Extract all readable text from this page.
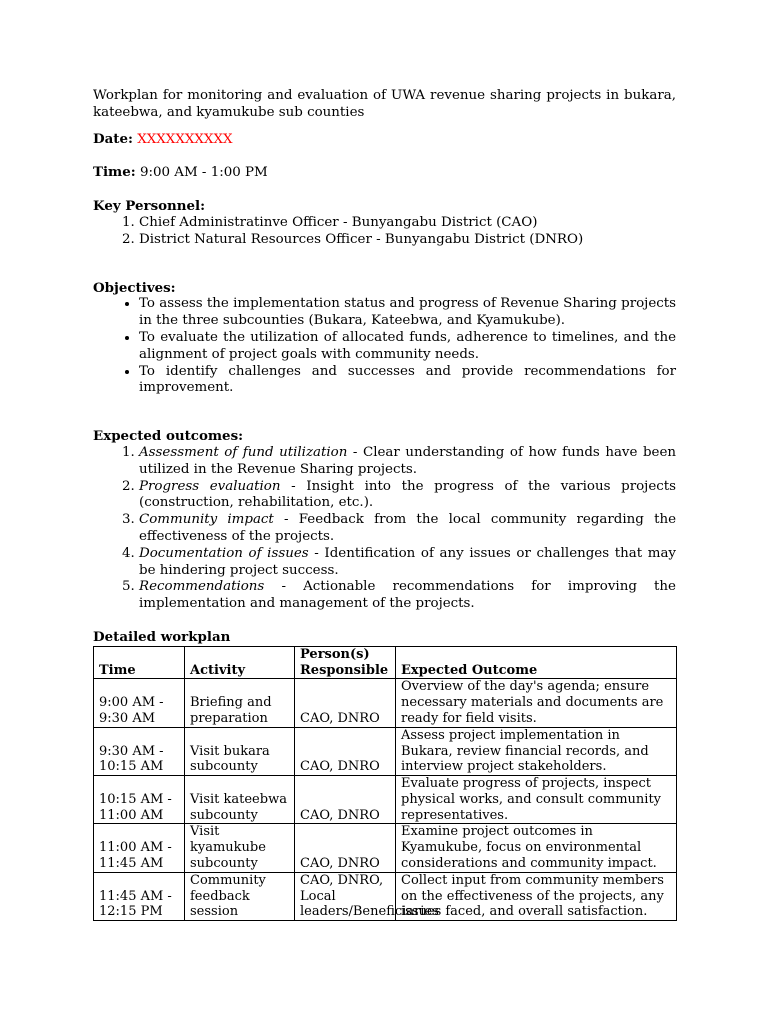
Workplan for monitoring and evaluation of UWA revenue sharing projects in bukara, kateebwa, and kyamukube sub counties

Date: XXXXXXXXXX

Time: 9:00 AM - 1:00 PM

Key Personnel:

1. Chief Administratinve Officer - Bunyangabu District (CAO)
2. District Natural Resources Officer - Bunyangabu District (DNRO)

Objectives:

• To assess the implementation status and progress of Revenue Sharing projects in the three subcounties (Bukara, Kateebwa, and Kyamukube).
• To evaluate the utilization of allocated funds, adherence to timelines, and the alignment of project goals with community needs.
• To identify challenges and successes and provide recommendations for improvement.

Expected outcomes:

1. Assessment of fund utilization - Clear understanding of how funds have been utilized in the Revenue Sharing projects.
2. Progress evaluation - Insight into the progress of the various projects (construction, rehabilitation, etc.).
3. Community impact - Feedback from the local community regarding the effectiveness of the projects.
4. Documentation of issues - Identification of any issues or challenges that may be hindering project success.
5. Recommendations - Actionable recommendations for improving the implementation and management of the projects.

Detailed workplan

Time	Activity	Person(s) Responsible	Expected Outcome
9:00 AM - 9:30 AM	Briefing and preparation	CAO, DNRO	Overview of the day's agenda; ensure necessary materials and documents are ready for field visits.
9:30 AM - 10:15 AM	Visit bukara subcounty	CAO, DNRO	Assess project implementation in Bukara, review financial records, and interview project stakeholders.
10:15 AM - 11:00 AM	Visit kateebwa subcounty	CAO, DNRO	Evaluate progress of projects, inspect physical works, and consult community representatives.
11:00 AM - 11:45 AM	Visit kyamukube subcounty	CAO, DNRO	Examine project outcomes in Kyamukube, focus on environmental considerations and community impact.
11:45 AM - 12:15 PM	Community feedback session	CAO, DNRO, Local leaders/Beneficiaries	Collect input from community members on the effectiveness of the projects, any issues faced, and overall satisfaction.
